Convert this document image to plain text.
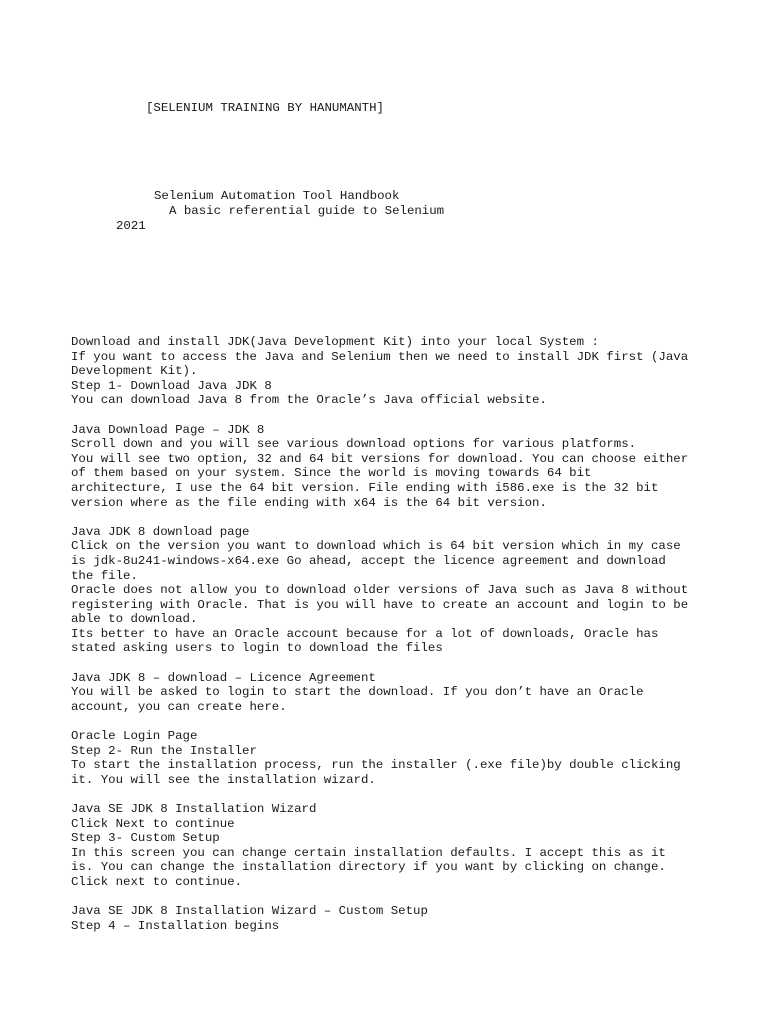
[SELENIUM TRAINING BY HANUMANTH]

Selenium Automation Tool Handbook

A basic referential guide to Selenium

2021

Download and install JDK(Java Development Kit) into your local System :
If you want to access the Java and Selenium then we need to install JDK first (Java
Development Kit).
Step 1- Download Java JDK 8
You can download Java 8 from the Oracle’s Java official website.
Java Download Page – JDK 8
Scroll down and you will see various download options for various platforms.
You will see two option, 32 and 64 bit versions for download. You can choose either
of them based on your system. Since the world is moving towards 64 bit
architecture, I use the 64 bit version. File ending with i586.exe is the 32 bit
version where as the file ending with x64 is the 64 bit version.
Java JDK 8 download page
Click on the version you want to download which is 64 bit version which in my case
is jdk-8u241-windows-x64.exe Go ahead, accept the licence agreement and download
the file.
Oracle does not allow you to download older versions of Java such as Java 8 without
registering with Oracle. That is you will have to create an account and login to be
able to download.
Its better to have an Oracle account because for a lot of downloads, Oracle has
stated asking users to login to download the files
Java JDK 8 – download – Licence Agreement
You will be asked to login to start the download. If you don’t have an Oracle
account, you can create here.
Oracle Login Page
Step 2- Run the Installer
To start the installation process, run the installer (.exe file)by double clicking
it. You will see the installation wizard.
Java SE JDK 8 Installation Wizard
Click Next to continue
Step 3- Custom Setup
In this screen you can change certain installation defaults. I accept this as it
is. You can change the installation directory if you want by clicking on change.
Click next to continue.
Java SE JDK 8 Installation Wizard – Custom Setup
Step 4 – Installation begins
